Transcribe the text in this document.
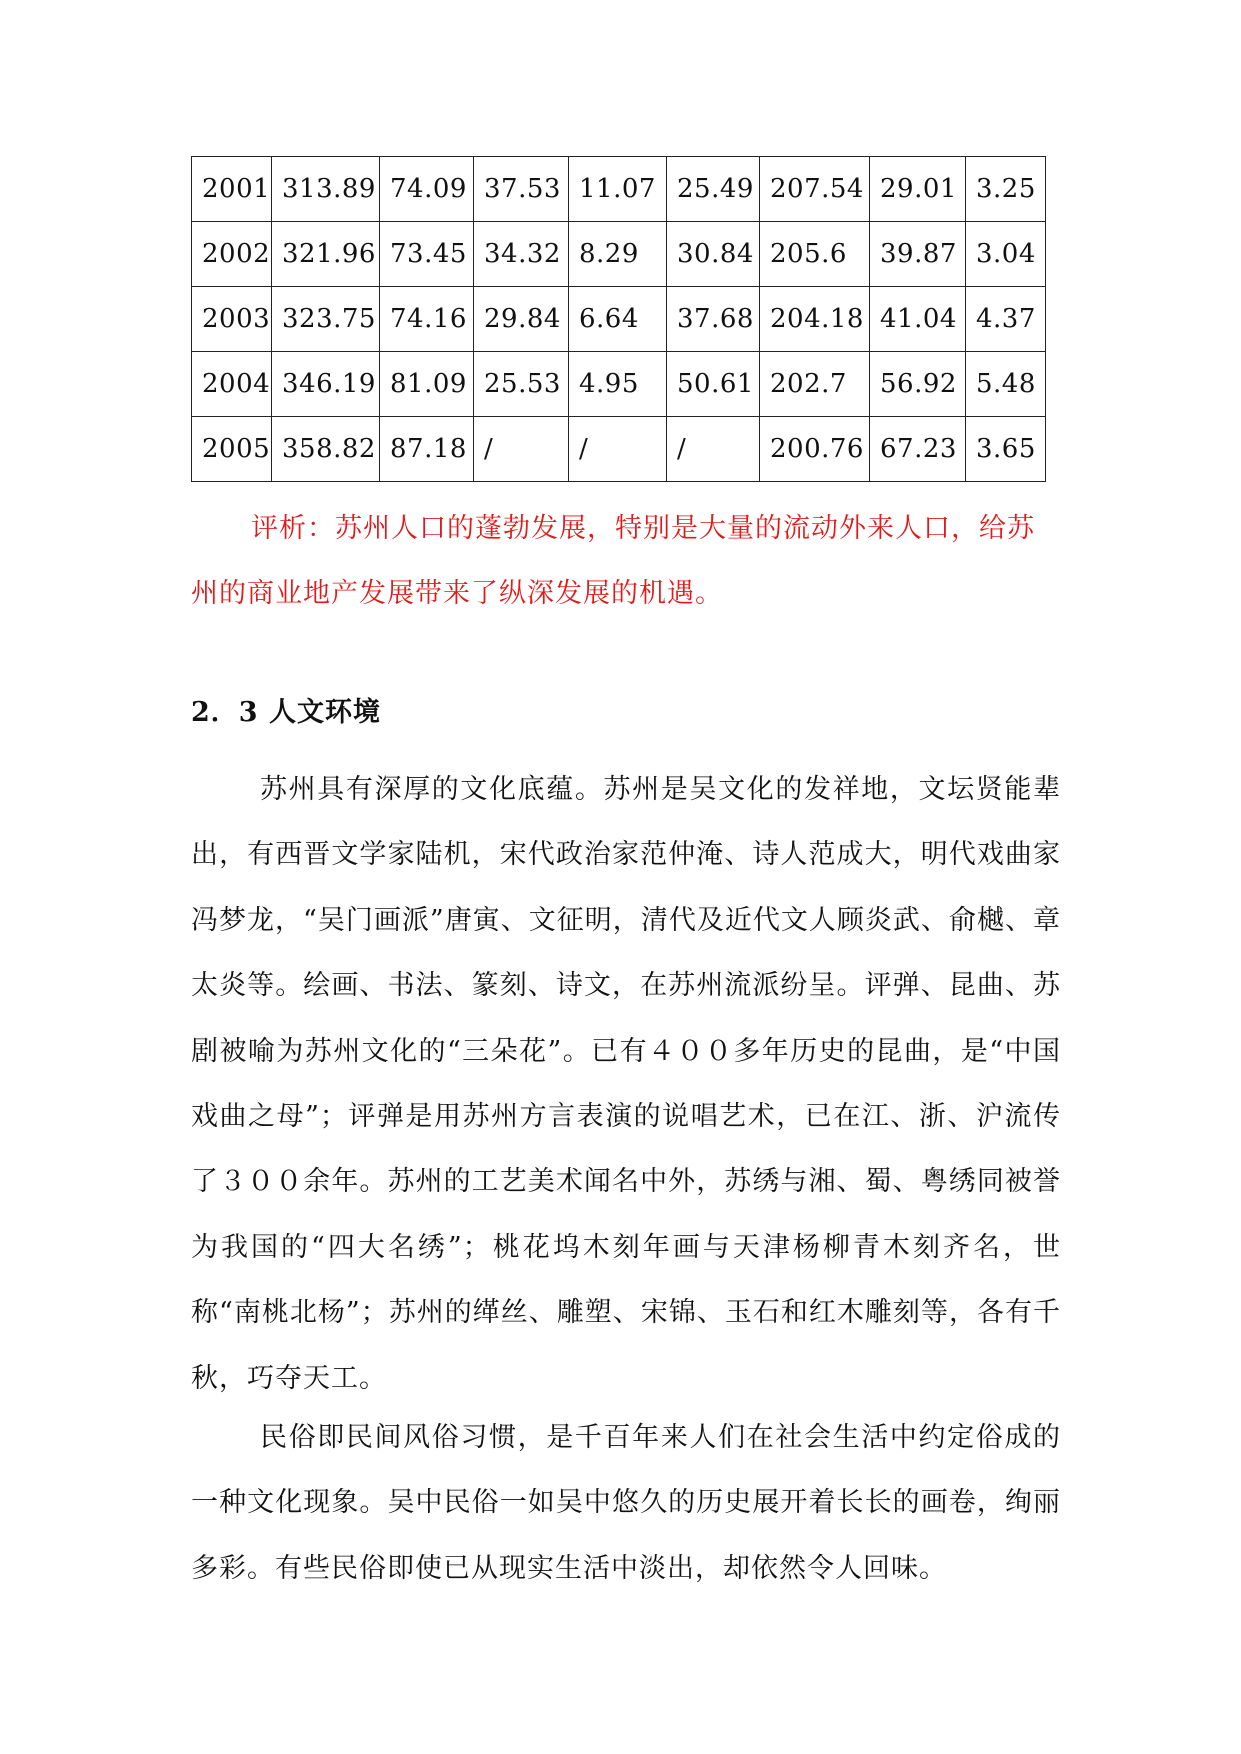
2001	313.89	74.09	37.53	11.07	25.49	207.54	29.01	3.25
2002	321.96	73.45	34.32	8.29	30.84	205.6	39.87	3.04
2003	323.75	74.16	29.84	6.64	37.68	204.18	41.04	4.37
2004	346.19	81.09	25.53	4.95	50.61	202.7	56.92	5.48
2005	358.82	87.18	/	/	/	200.76	67.23	3.65

评析：苏州人口的蓬勃发展，特别是大量的流动外来人口，给苏州的商业地产发展带来了纵深发展的机遇。

2．3 人文环境

苏州具有深厚的文化底蕴。苏州是吴文化的发祥地，文坛贤能辈出，有西晋文学家陆机，宋代政治家范仲淹、诗人范成大，明代戏曲家冯梦龙，“吴门画派”唐寅、文征明，清代及近代文人顾炎武、俞樾、章太炎等。绘画、书法、篆刻、诗文，在苏州流派纷呈。评弹、昆曲、苏剧被喻为苏州文化的“三朵花”。已有４００多年历史的昆曲，是“中国戏曲之母”；评弹是用苏州方言表演的说唱艺术，已在江、浙、沪流传了３００余年。苏州的工艺美术闻名中外，苏绣与湘、蜀、粤绣同被誉为我国的“四大名绣”；桃花坞木刻年画与天津杨柳青木刻齐名，世称“南桃北杨”；苏州的缂丝、雕塑、宋锦、玉石和红木雕刻等，各有千秋，巧夺天工。

民俗即民间风俗习惯，是千百年来人们在社会生活中约定俗成的一种文化现象。吴中民俗一如吴中悠久的历史展开着长长的画卷，绚丽多彩。有些民俗即使已从现实生活中淡出，却依然令人回味。
